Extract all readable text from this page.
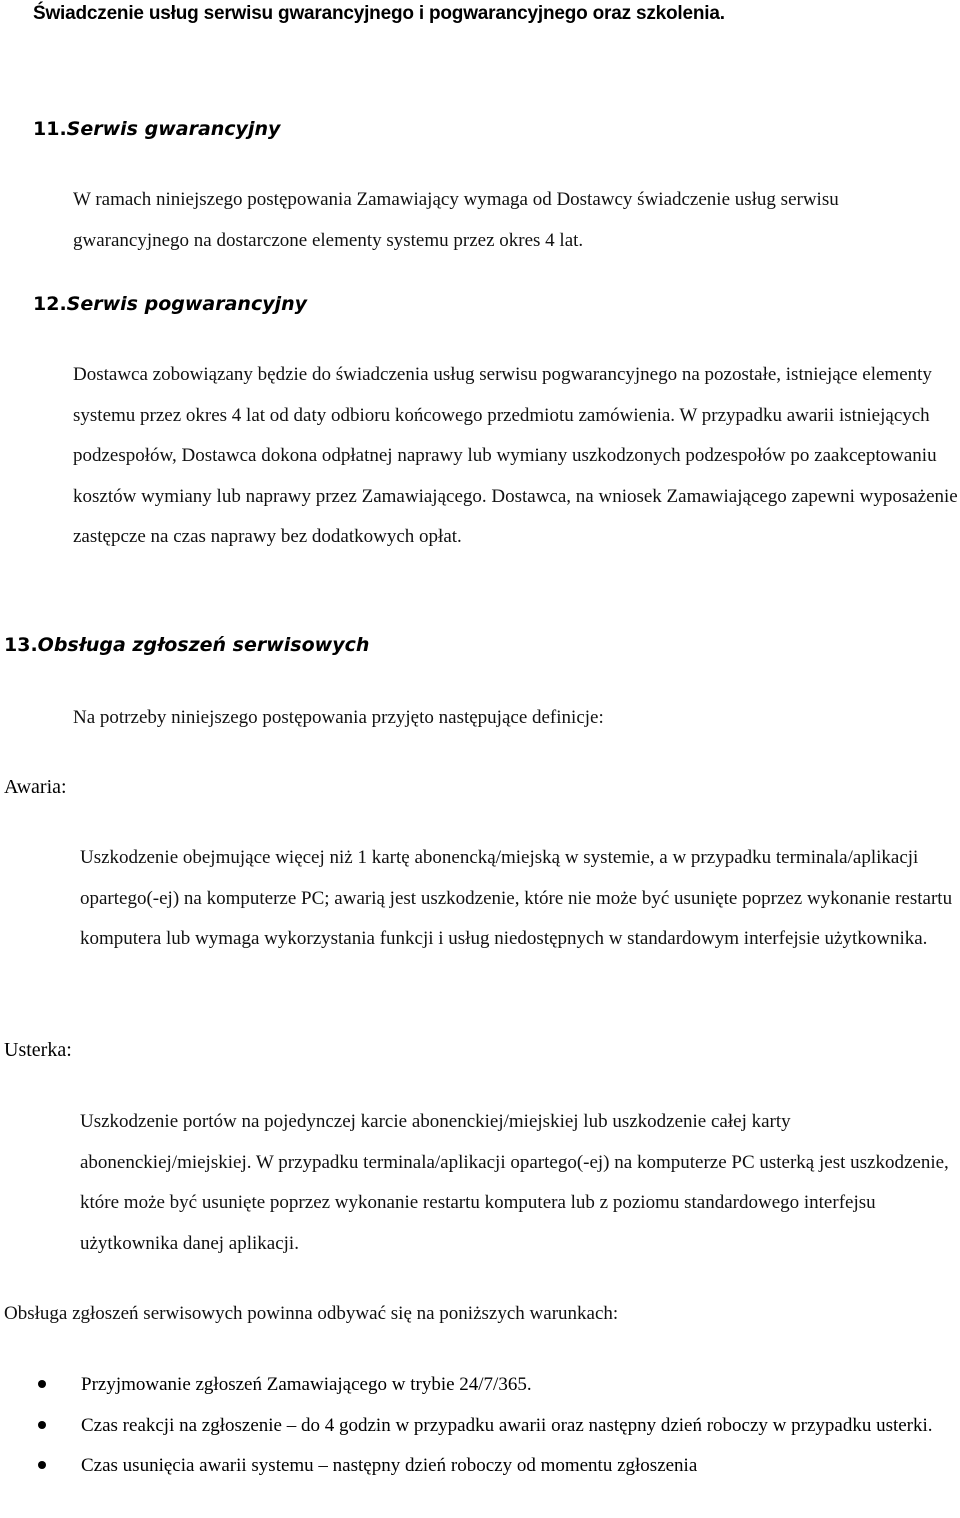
Świadczenie usług serwisu gwarancyjnego i pogwarancyjnego oraz szkolenia.
11.Serwis gwarancyjny

W ramach niniejszego postępowania Zamawiający wymaga od Dostawcy świadczenie usług serwisu gwarancyjnego na dostarczone elementy systemu przez okres 4 lat.

12.Serwis pogwarancyjny

Dostawca zobowiązany będzie do świadczenia usług serwisu pogwarancyjnego na pozostałe, istniejące elementy systemu przez okres 4 lat od daty odbioru końcowego przedmiotu zamówienia. W przypadku awarii istniejących podzespołów, Dostawca dokona odpłatnej naprawy lub wymiany uszkodzonych podzespołów po zaakceptowaniu kosztów wymiany lub naprawy przez Zamawiającego. Dostawca, na wniosek Zamawiającego zapewni wyposażenie zastępcze na czas naprawy bez dodatkowych opłat.

13.Obsługa zgłoszeń serwisowych

Na potrzeby niniejszego postępowania przyjęto następujące definicje:

Awaria:

Uszkodzenie obejmujące więcej niż 1 kartę abonencką/miejską w systemie, a w przypadku terminala/aplikacji opartego(-ej) na komputerze PC; awarią jest uszkodzenie, które nie może być usunięte poprzez wykonanie restartu komputera lub wymaga wykorzystania funkcji i usług niedostępnych w standardowym interfejsie użytkownika.

Usterka:

Uszkodzenie portów na pojedynczej karcie abonenckiej/miejskiej lub uszkodzenie całej karty abonenckiej/miejskiej. W przypadku terminala/aplikacji opartego(-ej) na komputerze PC usterką jest uszkodzenie, które może być usunięte poprzez wykonanie restartu komputera lub z poziomu standardowego interfejsu użytkownika danej aplikacji.

Obsługa zgłoszeń serwisowych powinna odbywać się na poniższych warunkach:

Przyjmowanie zgłoszeń Zamawiającego w trybie 24/7/365.
Czas reakcji na zgłoszenie – do 4 godzin w przypadku awarii oraz następny dzień roboczy w przypadku usterki.
Czas usunięcia awarii systemu – następny dzień roboczy od momentu zgłoszenia
